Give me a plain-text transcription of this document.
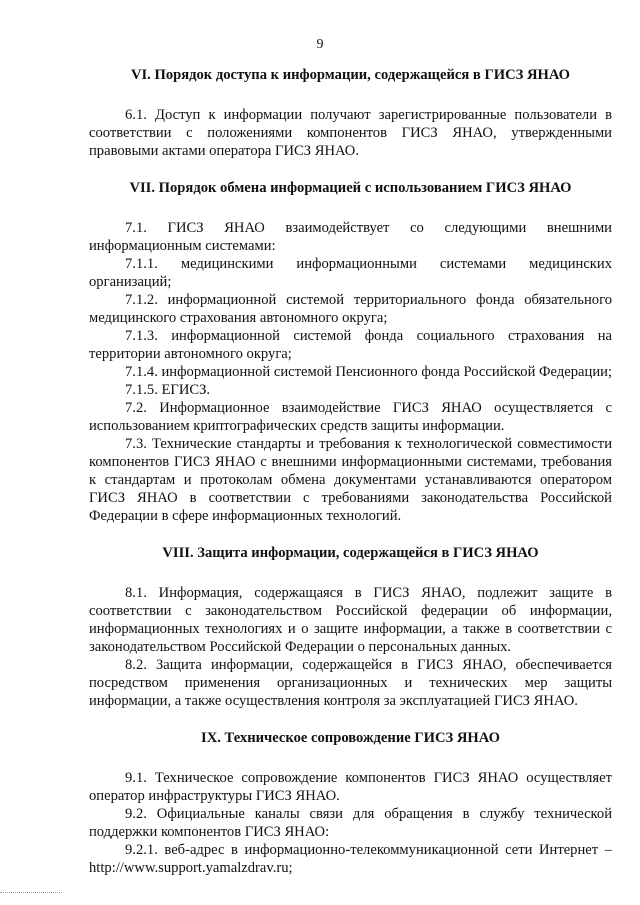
9
VI. Порядок доступа к информации, содержащейся в ГИСЗ ЯНАО

6.1. Доступ к информации получают зарегистрированные пользователи в соответствии с положениями компонентов ГИСЗ ЯНАО, утвержденными правовыми актами оператора ГИСЗ ЯНАО.

VII. Порядок обмена информацией с использованием ГИСЗ ЯНАО

7.1. ГИСЗ ЯНАО взаимодействует со следующими внешними информационным системами:

7.1.1. медицинскими информационными системами медицинских организаций;

7.1.2. информационной системой территориального фонда обязательного медицинского страхования автономного округа;

7.1.3. информационной системой фонда социального страхования на территории автономного округа;

7.1.4. информационной системой Пенсионного фонда Российской Федерации;

7.1.5. ЕГИСЗ.

7.2. Информационное взаимодействие ГИСЗ ЯНАО осуществляется с использованием криптографических средств защиты информации.

7.3. Технические стандарты и требования к технологической совместимости компонентов ГИСЗ ЯНАО с внешними информационными системами, требования к стандартам и протоколам обмена документами устанавливаются оператором ГИСЗ ЯНАО в соответствии с требованиями законодательства Российской Федерации в сфере информационных технологий.

VIII. Защита информации, содержащейся в ГИСЗ ЯНАО

8.1. Информация, содержащаяся в ГИСЗ ЯНАО, подлежит защите в соответствии с законодательством Российской федерации об информации, информационных технологиях и о защите информации, а также в соответствии с законодательством Российской Федерации о персональных данных.

8.2. Защита информации, содержащейся в ГИСЗ ЯНАО, обеспечивается посредством применения организационных и технических мер защиты информации, а также осуществления контроля за эксплуатацией ГИСЗ ЯНАО.

IX. Техническое сопровождение ГИСЗ ЯНАО

9.1. Техническое сопровождение компонентов ГИСЗ ЯНАО осуществляет оператор инфраструктуры ГИСЗ ЯНАО.

9.2. Официальные каналы связи для обращения в службу технической поддержки компонентов ГИСЗ ЯНАО:

9.2.1. веб-адрес в информационно-телекоммуникационной сети Интернет – http://www.support.yamalzdrav.ru;
